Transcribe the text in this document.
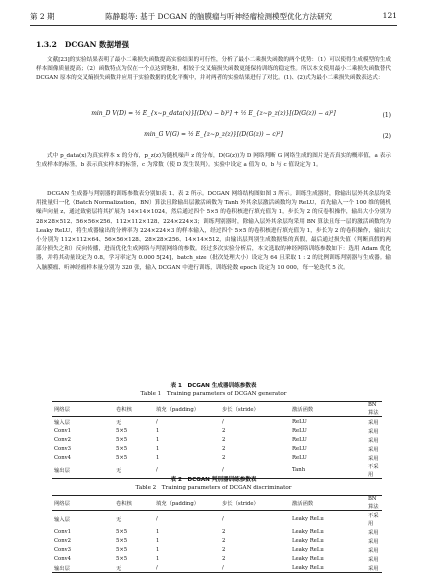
第 2 期	陈静聪等: 基于 DCGAN 的脑膜瘤与听神经瘤检测模型优化方法研究	121
1.3.2 DCGAN 数据增强

文献[23]的实验结果表明了最小二乘损失函数提高实验结果的可行性，分析了最小二乘损失函数的两个优势：（1）可以使得生成模型的生成样本图像质量提高；（2）函数特点为仅在一个点达到饱和，相较于交叉熵损失函数更能保持训练的稳定性。所以本文使用最小二乘损失函数替代 DCGAN 原本的交叉熵损失函数并应用于实验数据的优化平衡中，并对两者的实验结果进行了对比。(1)、(2)式为最小二乘损失函数表达式：

min_D V(D) = ½ E_{x∼p_data(x)}[(D(x) − b)²] + ½ E_{z∼p_z(z)}[(D(G(z)) − a)²]	(1)
min_G V(G) = ½ E_{z∼p_z(z)}[(D(G(z)) − c)²]	(2)

式中 p_data(x)为真实样本 x 的分布，p_z(z)为随机噪声 z 的分布，D(G(z))为 D 网络判断 G 网络生成的图片是否真实的概率值，a 表示生成样本的标签，b 表示真实样本的标签，c 为常数（使 D 发生误判）。实验中设定 a 值为 0，b 与 c 值设定为 1。

DCGAN 生成器与判别器的训练参数表分别如表 1、表 2 所示。DCGAN 网络结构图如图 3 所示。训练生成器时，除输出层外其余层均采用批量归一化（Batch Normalization，BN）算法且除输出层激活函数为 Tanh 外其余层激活函数均为 ReLU，首先输入一个 100 维的随机噪声向量 z，通过致密层将其扩展为 14×14×1024，然后通过四个 5×5 的卷积核进行填充值为 1，步长为 2 的反卷积操作，输出大小分别为 28×28×512、56×56×256、112×112×128、224×224×3；训练判别器时，除输入层外其余层均采用 BN 算法且每一层的激活函数均为 Leaky ReLU，将生成器输出的分辨率为 224×224×3 的样本输入，经过四个 5×5 的卷积核进行填充值为 1，步长为 2 的卷积操作，输出大小分别为 112×112×64、56×56×128、28×28×256、14×14×512，由输出层判别生成数据集的真假，最后通过损失值（判断真假的两部分损失之和）反向传播，进而优化生成网络与判别网络的参数。经过多次实验分析后，本文选取的神经网络训练参数如下：选用 Adam 优化器，并将其动量设定为 0.8，学习率定为 0.000 5[24]，batch_size（批次处理大小）设定为 64 且采取 1 : 2 的比例训练判别器与生成器。输入脑膜瘤、听神经瘤样本量分别为 320 张，输入 DCGAN 中进行训练，训练轮数 epoch 设定为 10 000，每一轮迭代 5 次。

表 1　DCGAN 生成器训练参数表
Table 1　Training parameters of DCGAN generator
网络层	卷积核	填充（padding）	步长（stride）	激活函数	BN 算法
输入层	无	/	/	ReLU	采用
Conv1	5×5	1	2	ReLU	采用
Conv2	5×5	1	2	ReLU	采用
Conv3	5×5	1	2	ReLU	采用
Conv4	5×5	1	2	ReLU	采用
输出层	无	/	/	Tanh	不采用
表 2　DCGAN 判别器训练参数表
Table 2　Training parameters of DCGAN discriminator
网络层	卷积核	填充（padding）	步长（stride）	激活函数	BN 算法
输入层	无	/	/	Leaky ReLu	不采用
Conv1	5×5	1	2	Leaky ReLu	采用
Conv2	5×5	1	2	Leaky ReLu	采用
Conv3	5×5	1	2	Leaky ReLu	采用
Conv4	5×5	1	2	Leaky ReLu	采用
输出层	无	/	/	Leaky ReLu	采用
